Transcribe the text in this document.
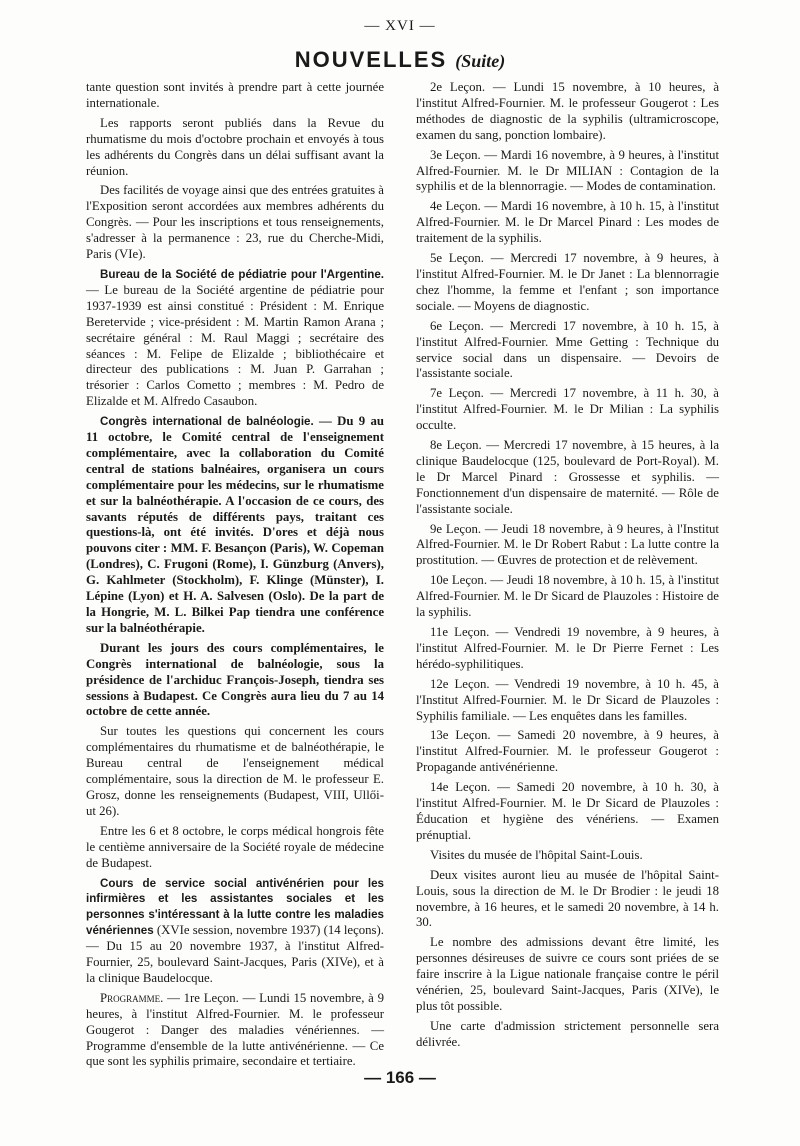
— XVI —
NOUVELLES (Suite)

tante question sont invités à prendre part à cette journée internationale.

Les rapports seront publiés dans la Revue du rhumatisme du mois d'octobre prochain et envoyés à tous les adhérents du Congrès dans un délai suffisant avant la réunion.

Des facilités de voyage ainsi que des entrées gratuites à l'Exposition seront accordées aux membres adhérents du Congrès. — Pour les inscriptions et tous renseignements, s'adresser à la permanence : 23, rue du Cherche-Midi, Paris (VIe).

Bureau de la Société de pédiatrie pour l'Argentine. — Le bureau de la Société argentine de pédiatrie pour 1937-1939 est ainsi constitué : Président : M. Enrique Beretervide ; vice-président : M. Martin Ramon Arana ; secrétaire général : M. Raul Maggi ; secrétaire des séances : M. Felipe de Elizalde ; bibliothécaire et directeur des publications : M. Juan P. Garrahan ; trésorier : Carlos Cometto ; membres : M. Pedro de Elizalde et M. Alfredo Casaubon.

Congrès international de balnéologie. — Du 9 au 11 octobre, le Comité central de l'enseignement complémentaire, avec la collaboration du Comité central de stations balnéaires, organisera un cours complémentaire pour les médecins, sur le rhumatisme et sur la balnéothérapie. A l'occasion de ce cours, des savants réputés de différents pays, traitant ces questions-là, ont été invités. D'ores et déjà nous pouvons citer : MM. F. Besançon (Paris), W. Copeman (Londres), C. Frugoni (Rome), I. Günzburg (Anvers), G. Kahlmeter (Stockholm), F. Klinge (Münster), I. Lépine (Lyon) et H. A. Salvesen (Oslo). De la part de la Hongrie, M. L. Bilkei Pap tiendra une conférence sur la balnéothérapie.

Durant les jours des cours complémentaires, le Congrès international de balnéologie, sous la présidence de l'archiduc François-Joseph, tiendra ses sessions à Budapest. Ce Congrès aura lieu du 7 au 14 octobre de cette année.

Sur toutes les questions qui concernent les cours complémentaires du rhumatisme et de balnéothérapie, le Bureau central de l'enseignement médical complémentaire, sous la direction de M. le professeur E. Grosz, donne les renseignements (Budapest, VIII, Ullői-ut 26).

Entre les 6 et 8 octobre, le corps médical hongrois fête le centième anniversaire de la Société royale de médecine de Budapest.

Cours de service social antivénérien pour les infirmières et les assistantes sociales et les personnes s'intéressant à la lutte contre les maladies vénériennes (XVIe session, novembre 1937) (14 leçons). — Du 15 au 20 novembre 1937, à l'institut Alfred-Fournier, 25, boulevard Saint-Jacques, Paris (XIVe), et à la clinique Baudelocque.

Programme. — 1re Leçon. — Lundi 15 novembre, à 9 heures, à l'institut Alfred-Fournier. M. le professeur Gougerot : Danger des maladies vénériennes. — Programme d'ensemble de la lutte antivénérienne. — Ce que sont les syphilis primaire, secondaire et tertiaire.

2e Leçon. — Lundi 15 novembre, à 10 heures, à l'institut Alfred-Fournier. M. le professeur Gougerot : Les méthodes de diagnostic de la syphilis (ultramicroscope, examen du sang, ponction lombaire).

3e Leçon. — Mardi 16 novembre, à 9 heures, à l'institut Alfred-Fournier. M. le Dr MILIAN : Contagion de la syphilis et de la blennorragie. — Modes de contamination.

4e Leçon. — Mardi 16 novembre, à 10 h. 15, à l'institut Alfred-Fournier. M. le Dr Marcel Pinard : Les modes de traitement de la syphilis.

5e Leçon. — Mercredi 17 novembre, à 9 heures, à l'institut Alfred-Fournier. M. le Dr Janet : La blennorragie chez l'homme, la femme et l'enfant ; son importance sociale. — Moyens de diagnostic.

6e Leçon. — Mercredi 17 novembre, à 10 h. 15, à l'institut Alfred-Fournier. Mme Getting : Technique du service social dans un dispensaire. — Devoirs de l'assistante sociale.

7e Leçon. — Mercredi 17 novembre, à 11 h. 30, à l'institut Alfred-Fournier. M. le Dr Milian : La syphilis occulte.

8e Leçon. — Mercredi 17 novembre, à 15 heures, à la clinique Baudelocque (125, boulevard de Port-Royal). M. le Dr Marcel Pinard : Grossesse et syphilis. — Fonctionnement d'un dispensaire de maternité. — Rôle de l'assistante sociale.

9e Leçon. — Jeudi 18 novembre, à 9 heures, à l'Institut Alfred-Fournier. M. le Dr Robert Rabut : La lutte contre la prostitution. — Œuvres de protection et de relèvement.

10e Leçon. — Jeudi 18 novembre, à 10 h. 15, à l'institut Alfred-Fournier. M. le Dr Sicard de Plauzoles : Histoire de la syphilis.

11e Leçon. — Vendredi 19 novembre, à 9 heures, à l'institut Alfred-Fournier. M. le Dr Pierre Fernet : Les hérédo-syphilitiques.

12e Leçon. — Vendredi 19 novembre, à 10 h. 45, à l'Institut Alfred-Fournier. M. le Dr Sicard de Plauzoles : Syphilis familiale. — Les enquêtes dans les familles.

13e Leçon. — Samedi 20 novembre, à 9 heures, à l'institut Alfred-Fournier. M. le professeur Gougerot : Propagande antivénérienne.

14e Leçon. — Samedi 20 novembre, à 10 h. 30, à l'institut Alfred-Fournier. M. le Dr Sicard de Plauzoles : Éducation et hygiène des vénériens. — Examen prénuptial.

Visites du musée de l'hôpital Saint-Louis.

Deux visites auront lieu au musée de l'hôpital Saint-Louis, sous la direction de M. le Dr Brodier : le jeudi 18 novembre, à 16 heures, et le samedi 20 novembre, à 14 h. 30.

Le nombre des admissions devant être limité, les personnes désireuses de suivre ce cours sont priées de se faire inscrire à la Ligue nationale française contre le péril vénérien, 25, boulevard Saint-Jacques, Paris (XIVe), le plus tôt possible.

Une carte d'admission strictement personnelle sera délivrée.

— 166 —
